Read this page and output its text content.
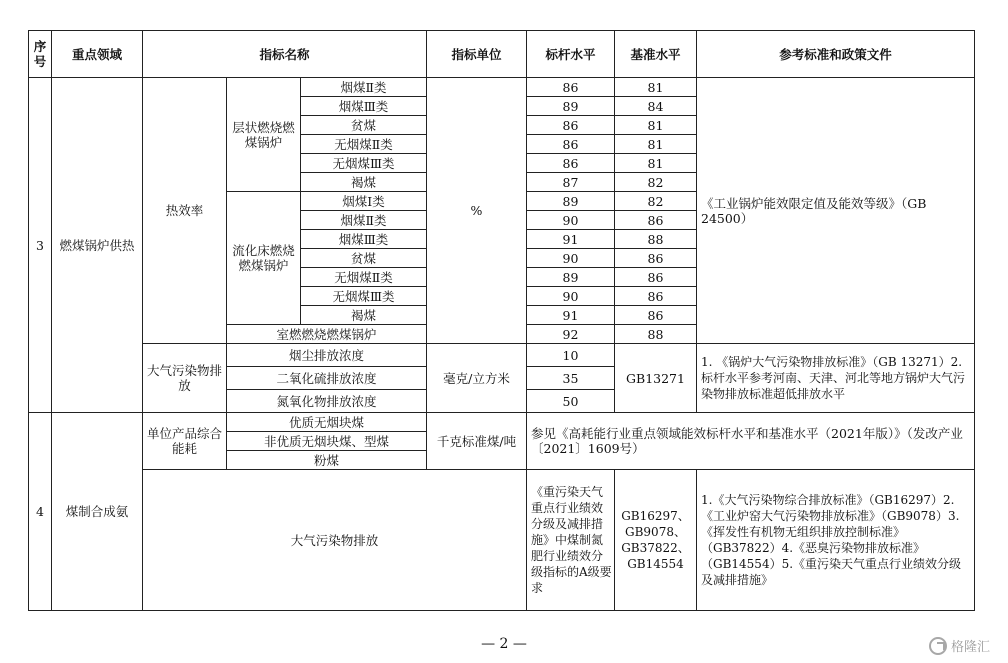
序号	重点领域	指标名称			指标单位	标杆水平	基准水平	参考标准和政策文件
3	燃煤锅炉供热	热效率	层状燃烧燃煤锅炉	烟煤Ⅱ类	%	86	81	《工业锅炉能效限定值及能效等级》（GB 24500）
				烟煤Ⅲ类		89	84	
				贫煤		86	81	
				无烟煤Ⅱ类		86	81	
				无烟煤Ⅲ类		86	81	
				褐煤		87	82	
			流化床燃烧燃煤锅炉	烟煤Ⅰ类		89	82	
				烟煤Ⅱ类		90	86	
				烟煤Ⅲ类		91	88	
				贫煤		90	86	
				无烟煤Ⅱ类		89	86	
				无烟煤Ⅲ类		90	86	
				褐煤		91	86	
			室燃燃烧燃煤锅炉			92	88	
		大气污染物排放	烟尘排放浓度		毫克/立方米	10	GB13271	1. 《锅炉大气污染物排放标准》（GB 13271）2.标杆水平参考河南、天津、河北等地方锅炉大气污染物排放标准超低排放水平
			二氧化硫排放浓度			35		
			氮氧化物排放浓度			50		
4	煤制合成氨	单位产品综合能耗	优质无烟块煤		千克标准煤/吨	参见《高耗能行业重点领域能效标杆水平和基准水平（2021年版）》（发改产业〔2021〕1609号）		
			非优质无烟块煤、型煤					
			粉煤					
		大气污染物排放				《重污染天气重点行业绩效分级及减排措施》中煤制氮肥行业绩效分级指标的A级要求	GB16297、GB9078、GB37822、GB14554	1.《大气污染物综合排放标准》（GB16297）2.《工业炉窑大气污染物排放标准》（GB9078）3.《挥发性有机物无组织排放控制标准》（GB37822）4.《恶臭污染物排放标准》（GB14554）5.《重污染天气重点行业绩效分级及减排措施》
— 2 —	格隆汇
